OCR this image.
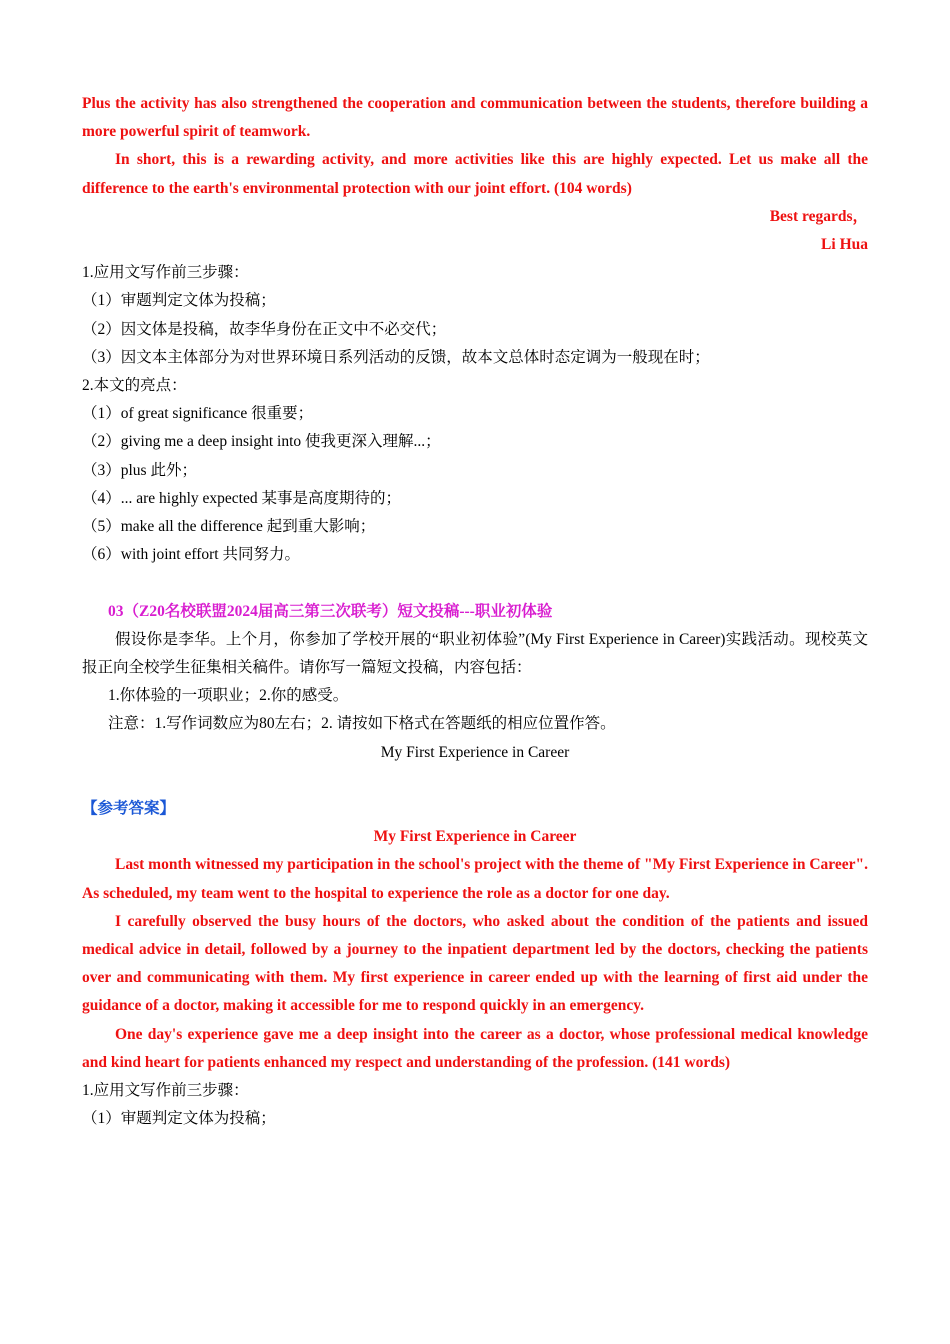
Plus the activity has also strengthened the cooperation and communication between the students, therefore building a more powerful spirit of teamwork.

In short, this is a rewarding activity, and more activities like this are highly expected. Let us make all the difference to the earth's environmental protection with our joint effort. (104 words)

Best regards，

Li Hua

1.应用文写作前三步骤：

（1）审题判定文体为投稿；

（2）因文体是投稿，故李华身份在正文中不必交代；

（3）因文本主体部分为对世界环境日系列活动的反馈，故本文总体时态定调为一般现在时；

2.本文的亮点：

（1）of great significance 很重要；

（2）giving me a deep insight into 使我更深入理解...；

（3）plus 此外；

（4）... are highly expected 某事是高度期待的；

（5）make all the difference 起到重大影响；

（6）with joint effort 共同努力。

03（Z20名校联盟2024届高三第三次联考）短文投稿---职业初体验

假设你是李华。上个月，你参加了学校开展的“职业初体验”(My First Experience in Career)实践活动。现校英文报正向全校学生征集相关稿件。请你写一篇短文投稿，内容包括：

1.你体验的一项职业；2.你的感受。

注意：1.写作词数应为80左右；2. 请按如下格式在答题纸的相应位置作答。

My First Experience in Career

【参考答案】

My First Experience in Career

Last month witnessed my participation in the school's project with the theme of "My First Experience in Career". As scheduled, my team went to the hospital to experience the role as a doctor for one day.

I carefully observed the busy hours of the doctors, who asked about the condition of the patients and issued medical advice in detail, followed by a journey to the inpatient department led by the doctors, checking the patients over and communicating with them. My first experience in career ended up with the learning of first aid under the guidance of a doctor, making it accessible for me to respond quickly in an emergency.

One day's experience gave me a deep insight into the career as a doctor, whose professional medical knowledge and kind heart for patients enhanced my respect and understanding of the profession. (141 words)

1.应用文写作前三步骤：

（1）审题判定文体为投稿；
